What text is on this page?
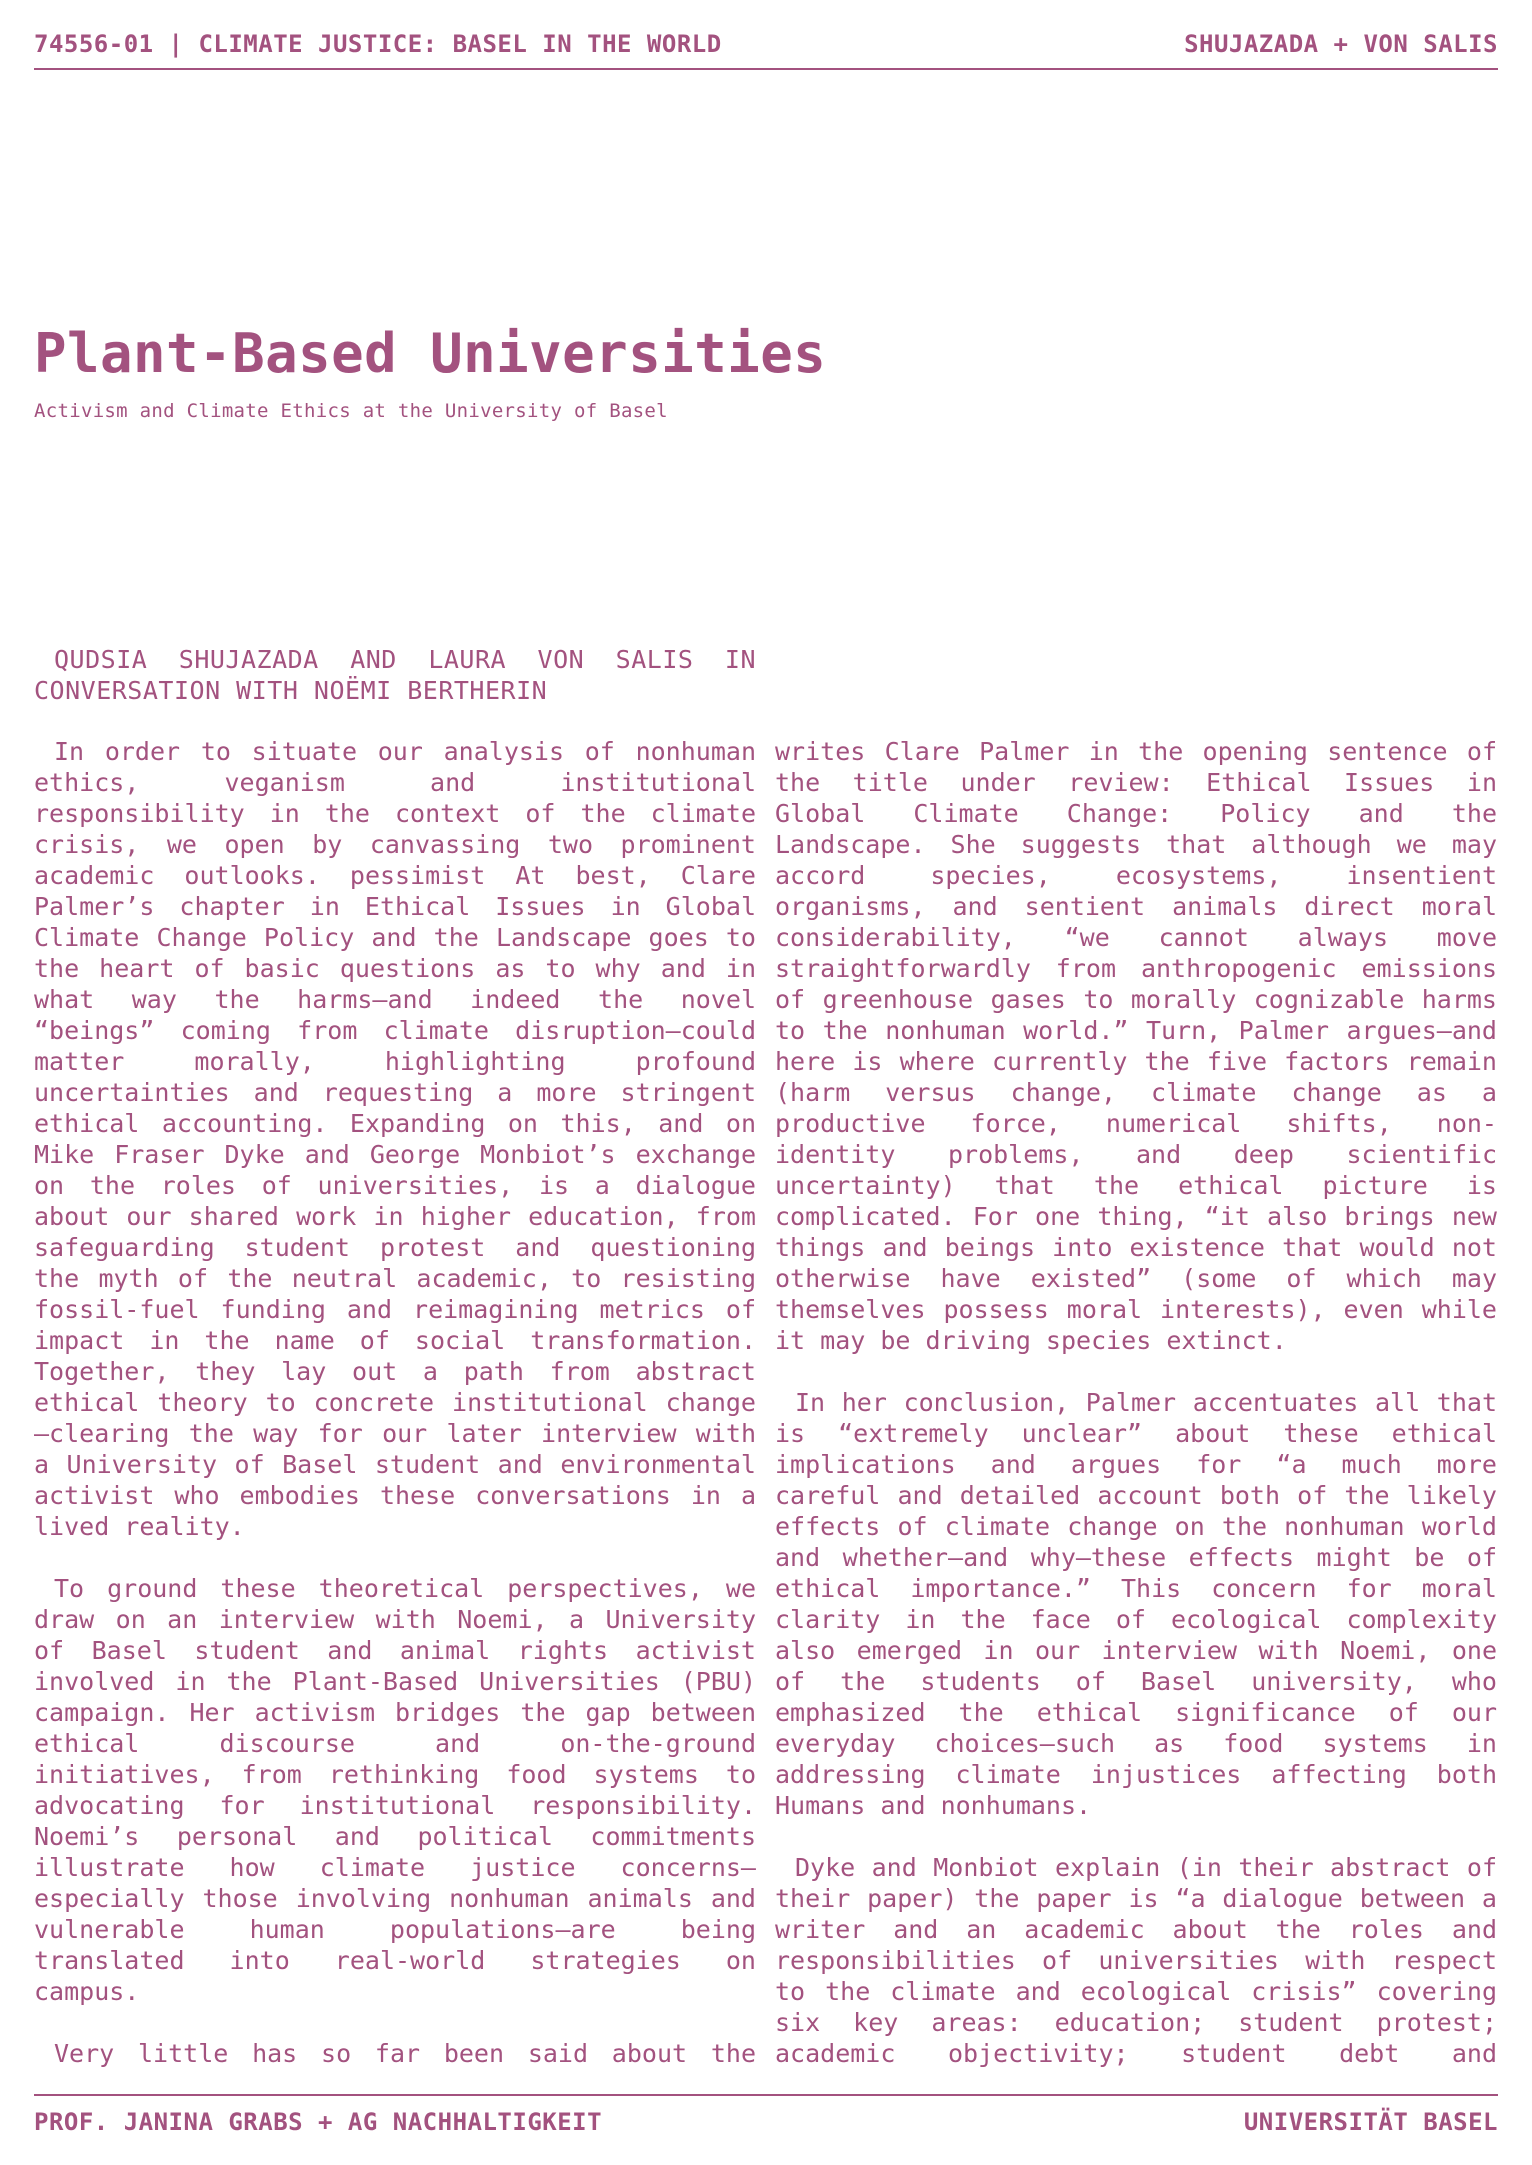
74556-01 | CLIMATE JUSTICE: BASEL IN THE WORLD	SHUJAZADA + VON SALIS
Plant-Based Universities

Activism and Climate Ethics at the University of Basel

QUDSIA SHUJAZADA AND LAURA VON SALIS IN CONVERSATION WITH NOËMI BERTHERIN

In order to situate our analysis of nonhuman ethics, veganism and institutional responsibility in the context of the climate crisis, we open by canvassing two prominent academic outlooks. pessimist At best, Clare Palmer’s chapter in Ethical Issues in Global Climate Change Policy and the Landscape goes to the heart of basic questions as to why and in what way the harms—and indeed the novel “beings” coming from climate disruption—could matter morally, highlighting profound uncertainties and requesting a more stringent ethical accounting. Expanding on this, and on Mike Fraser Dyke and George Monbiot’s exchange on the roles of universities, is a dialogue about our shared work in higher education, from safeguarding student protest and questioning the myth of the neutral academic, to resisting fossil-fuel funding and reimagining metrics of impact in the name of social transformation. Together, they lay out a path from abstract ethical theory to concrete institutional change—clearing the way for our later interview with a University of Basel student and environmental activist who embodies these conversations in a lived reality.

To ground these theoretical perspectives, we draw on an interview with Noemi, a University of Basel student and animal rights activist involved in the Plant-Based Universities (PBU) campaign. Her activism bridges the gap between ethical discourse and on-the-ground initiatives, from rethinking food systems to advocating for institutional responsibility. Noemi’s personal and political commitments illustrate how climate justice concerns—especially those involving nonhuman animals and vulnerable human populations—are being translated into real-world strategies on campus.

Very little has so far been said about the

writes Clare Palmer in the opening sentence of the title under review: Ethical Issues in Global Climate Change: Policy and the Landscape. She suggests that although we may accord species, ecosystems, insentient organisms, and sentient animals direct moral considerability, “we cannot always move straightforwardly from anthropogenic emissions of greenhouse gases to morally cognizable harms to the nonhuman world.” Turn, Palmer argues—and here is where currently the five factors remain (harm versus change, climate change as a productive force, numerical shifts, non-identity problems, and deep scientific uncertainty) that the ethical picture is complicated. For one thing, “it also brings new things and beings into existence that would not otherwise have existed” (some of which may themselves possess moral interests), even while it may be driving species extinct.

In her conclusion, Palmer accentuates all that is “extremely unclear” about these ethical implications and argues for “a much more careful and detailed account both of the likely effects of climate change on the nonhuman world and whether—and why—these effects might be of ethical importance.” This concern for moral clarity in the face of ecological complexity also emerged in our interview with Noemi, one of the students of Basel university, who emphasized the ethical significance of our everyday choices—such as food systems in addressing climate injustices affecting both Humans and nonhumans.

Dyke and Monbiot explain (in their abstract of their paper) the paper is “a dialogue between a writer and an academic about the roles and responsibilities of universities with respect to the climate and ecological crisis” covering six key areas: education; student protest; academic objectivity; student debt and

PROF. JANINA GRABS + AG NACHHALTIGKEIT	UNIVERSITÄT BASEL
